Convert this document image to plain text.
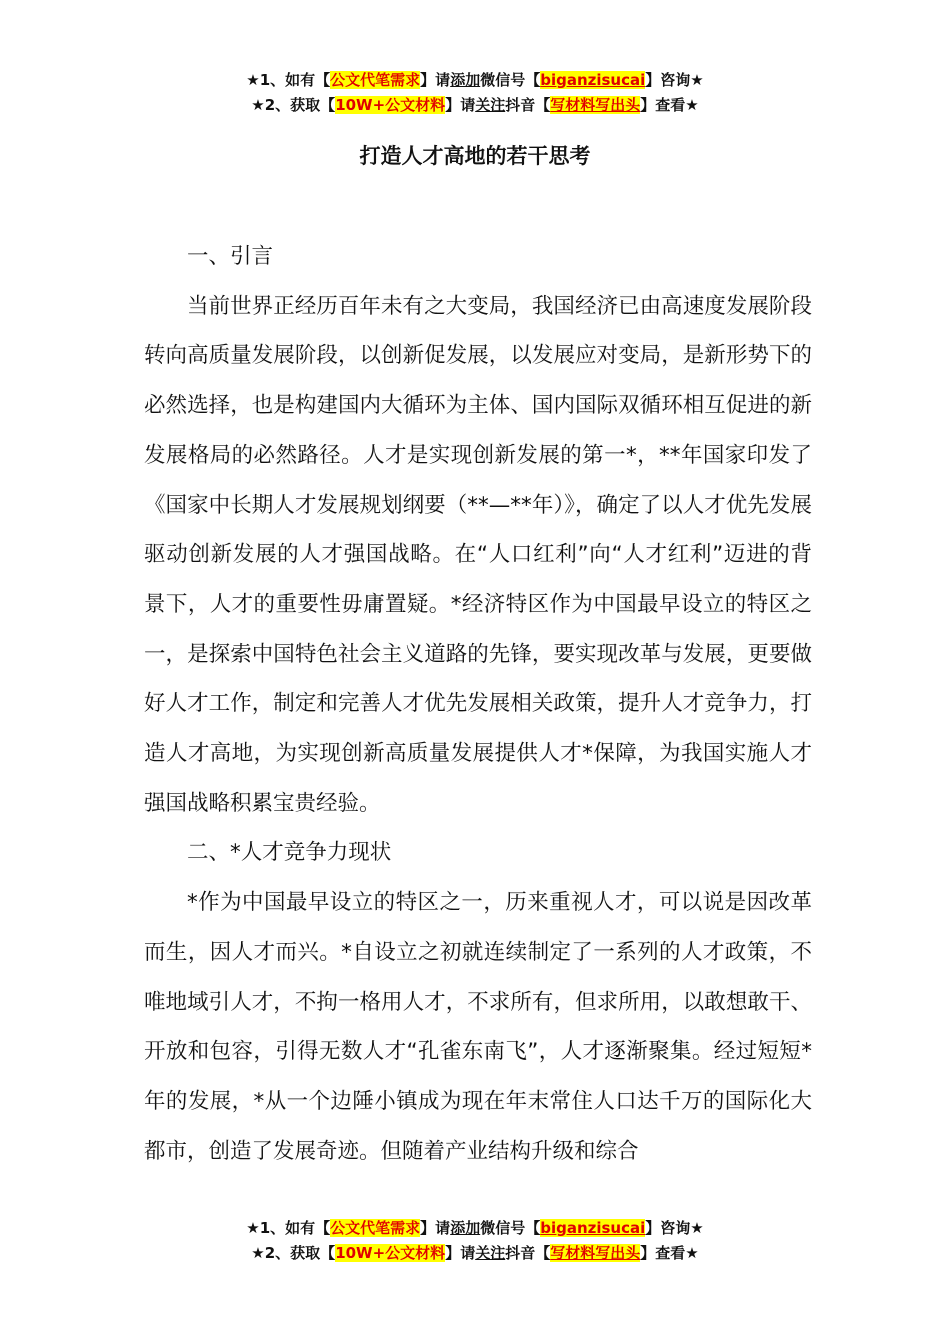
★1、如有【公文代笔需求】请添加微信号【biganzisucai】咨询★
★2、获取【10W+公文材料】请关注抖音【写材料写出头】查看★
打造人才高地的若干思考
一、引言

当前世界正经历百年未有之大变局，我国经济已由高速度发展阶段转向高质量发展阶段，以创新促发展，以发展应对变局，是新形势下的必然选择，也是构建国内大循环为主体、国内国际双循环相互促进的新发展格局的必然路径。人才是实现创新发展的第一*，**年国家印发了《国家中长期人才发展规划纲要（**—**年）》，确定了以人才优先发展驱动创新发展的人才强国战略。在“人口红利”向“人才红利”迈进的背景下，人才的重要性毋庸置疑。*经济特区作为中国最早设立的特区之一，是探索中国特色社会主义道路的先锋，要实现改革与发展，更要做好人才工作，制定和完善人才优先发展相关政策，提升人才竞争力，打造人才高地，为实现创新高质量发展提供人才*保障，为我国实施人才强国战略积累宝贵经验。

二、*人才竞争力现状

*作为中国最早设立的特区之一，历来重视人才，可以说是因改革而生，因人才而兴。*自设立之初就连续制定了一系列的人才政策，不唯地域引人才，不拘一格用人才，不求所有，但求所用，以敢想敢干、开放和包容，引得无数人才“孔雀东南飞”，人才逐渐聚集。经过短短*年的发展，*从一个边陲小镇成为现在年末常住人口达千万的国际化大都市，创造了发展奇迹。但随着产业结构升级和综合

★1、如有【公文代笔需求】请添加微信号【biganzisucai】咨询★
★2、获取【10W+公文材料】请关注抖音【写材料写出头】查看★
